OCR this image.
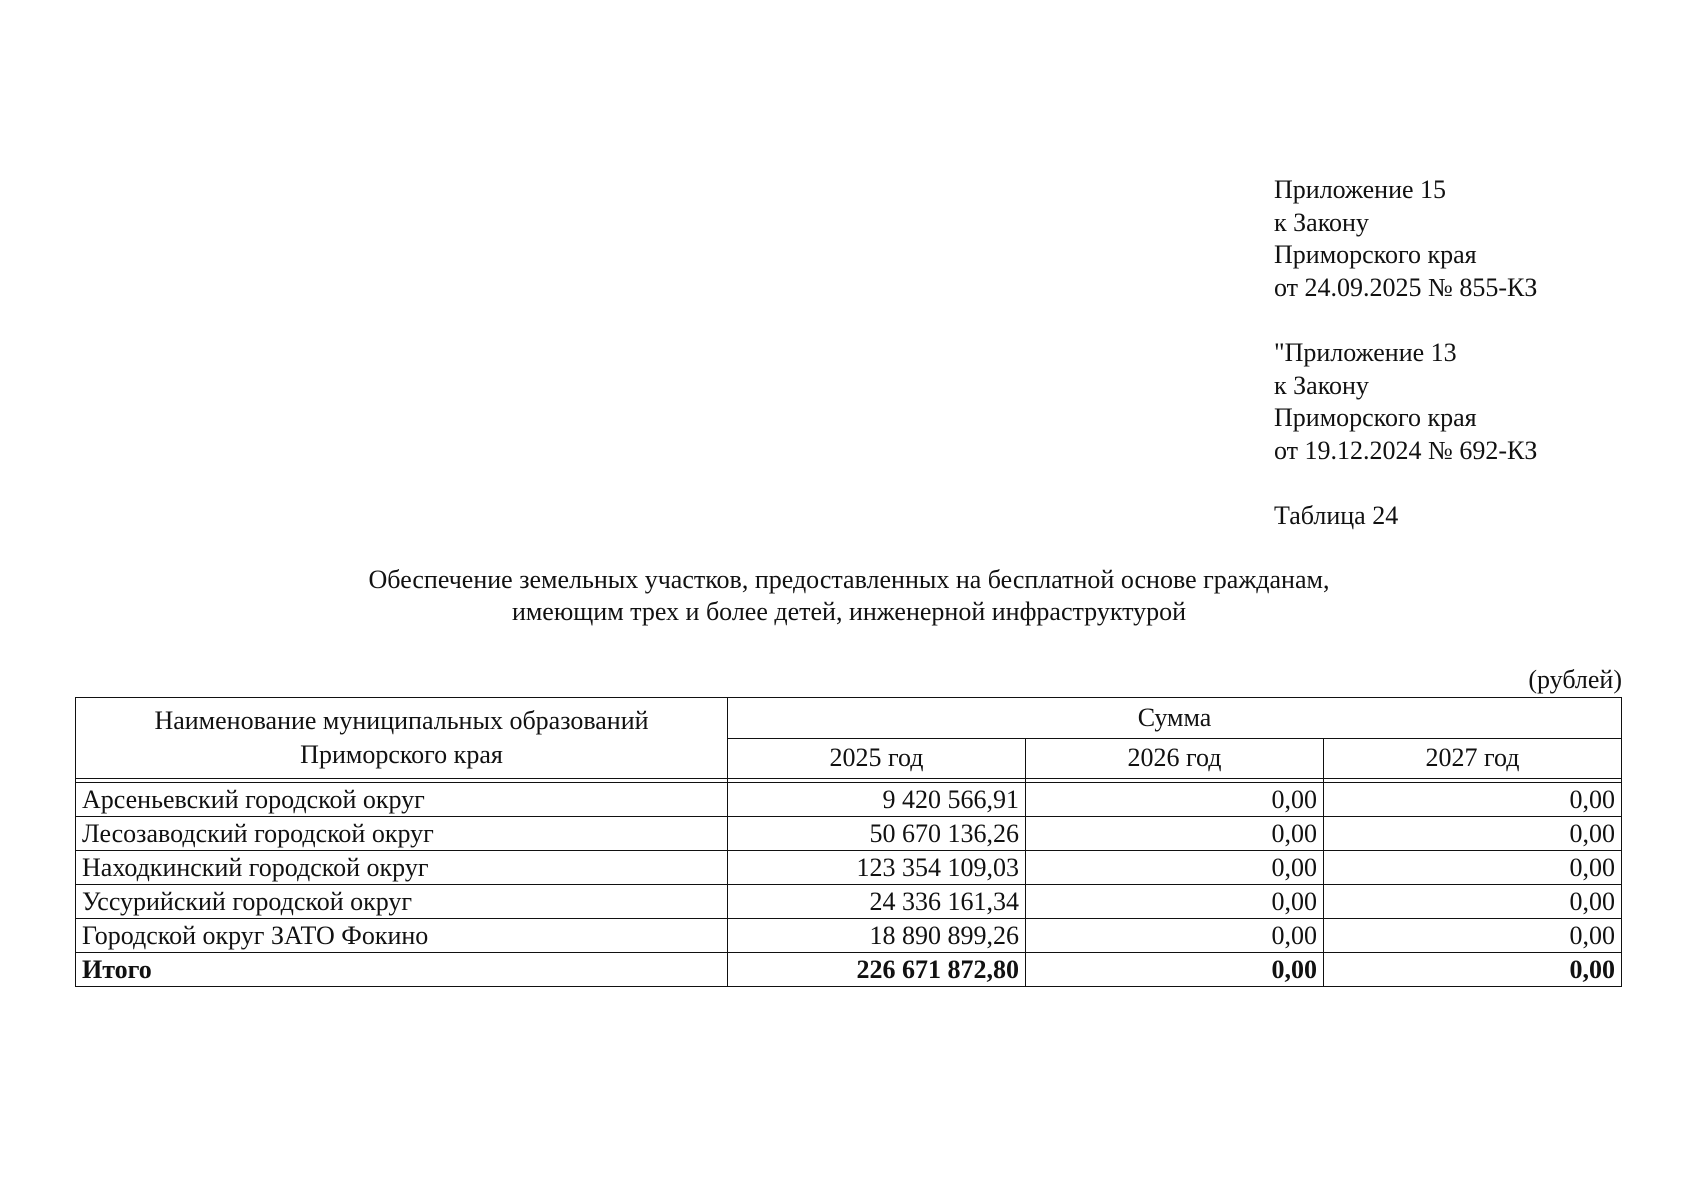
Приложение 15
к Закону
Приморского края
от 24.09.2025 № 855-КЗ
"Приложение 13
к Закону
Приморского края
от 19.12.2024 № 692-КЗ
Таблица 24
Обеспечение земельных участков, предоставленных на бесплатной основе гражданам,
имеющим трех и более детей, инженерной инфраструктурой
(рублей)
Наименование муниципальных образований
Приморского края	Сумма		
	2025 год	2026 год	2027 год

Арсеньевский городской округ	9 420 566,91	0,00	0,00
Лесозаводский городской округ	50 670 136,26	0,00	0,00
Находкинский городской округ	123 354 109,03	0,00	0,00
Уссурийский городской округ	24 336 161,34	0,00	0,00
Городской округ ЗАТО Фокино	18 890 899,26	0,00	0,00
Итого	226 671 872,80	0,00	0,00
